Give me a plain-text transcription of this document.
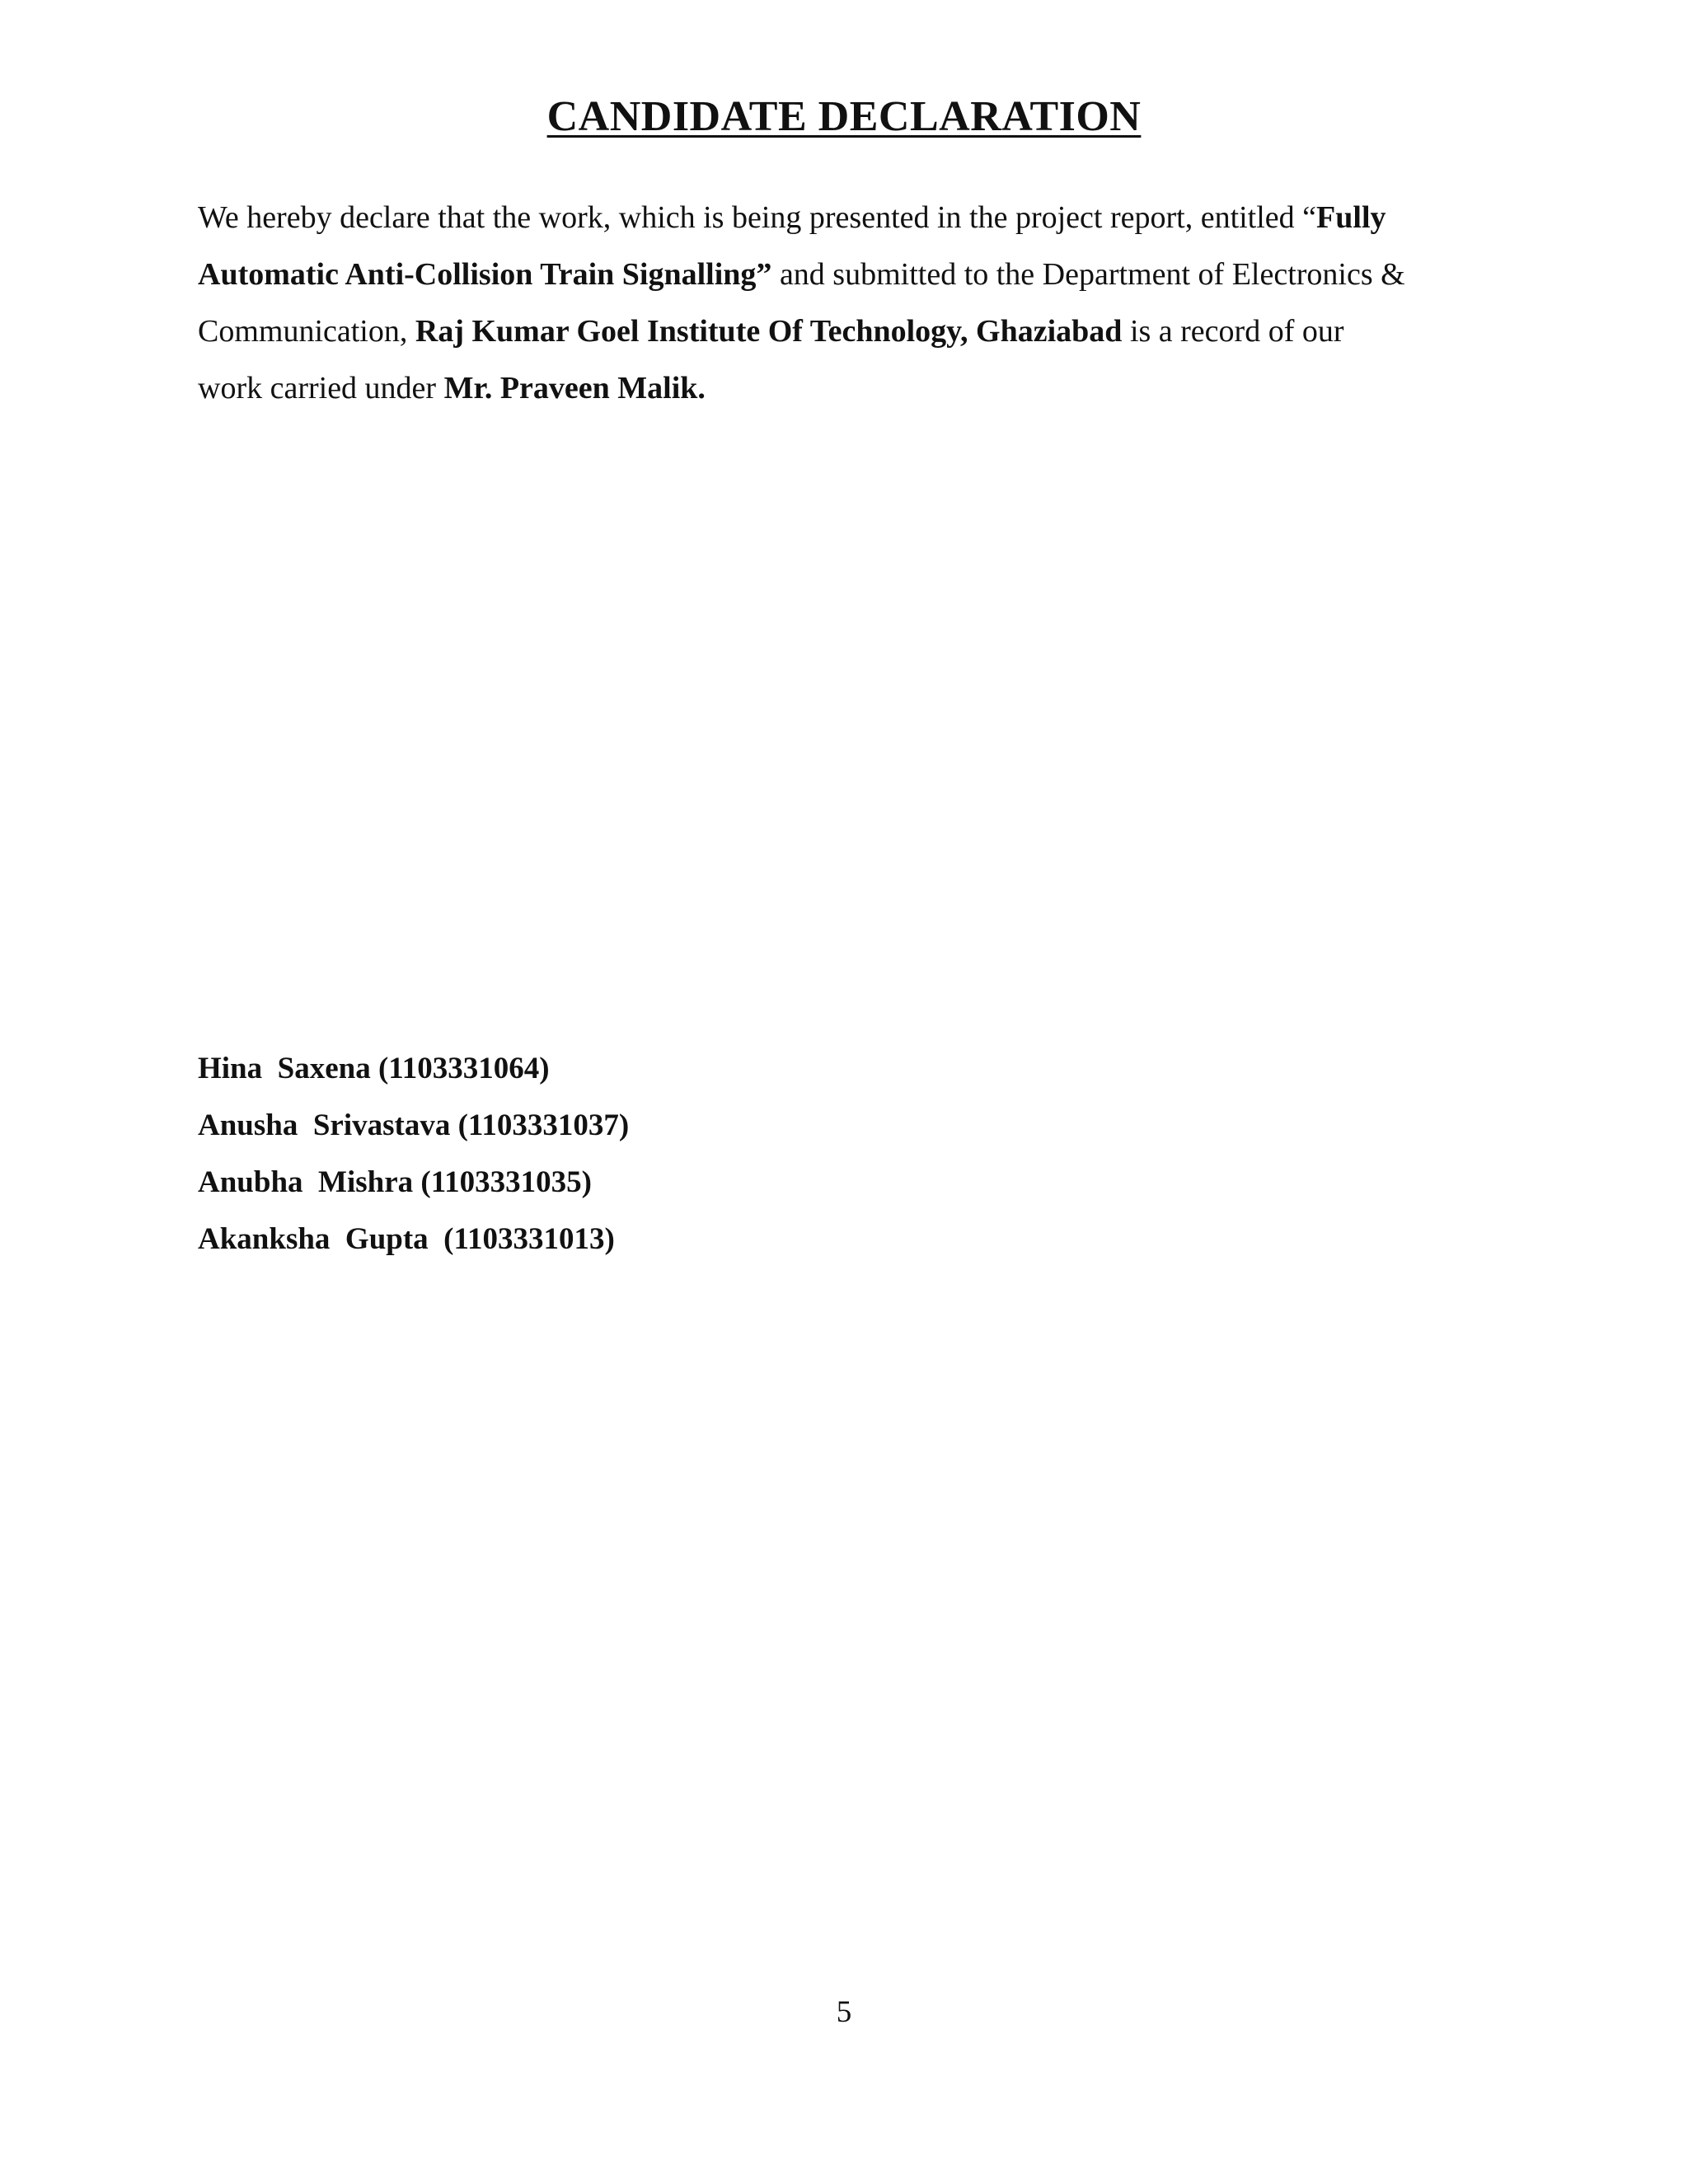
CANDIDATE DECLARATION
We hereby declare that the work, which is being presented in the project report, entitled “Fully
Automatic Anti-Collision Train Signalling” and submitted to the Department of Electronics &
Communication, Raj Kumar Goel Institute Of Technology, Ghaziabad is a record of our
work carried under Mr. Praveen Malik.
Hina  Saxena (1103331064)
Anusha  Srivastava (1103331037)
Anubha  Mishra (1103331035)
Akanksha  Gupta  (1103331013)
5
